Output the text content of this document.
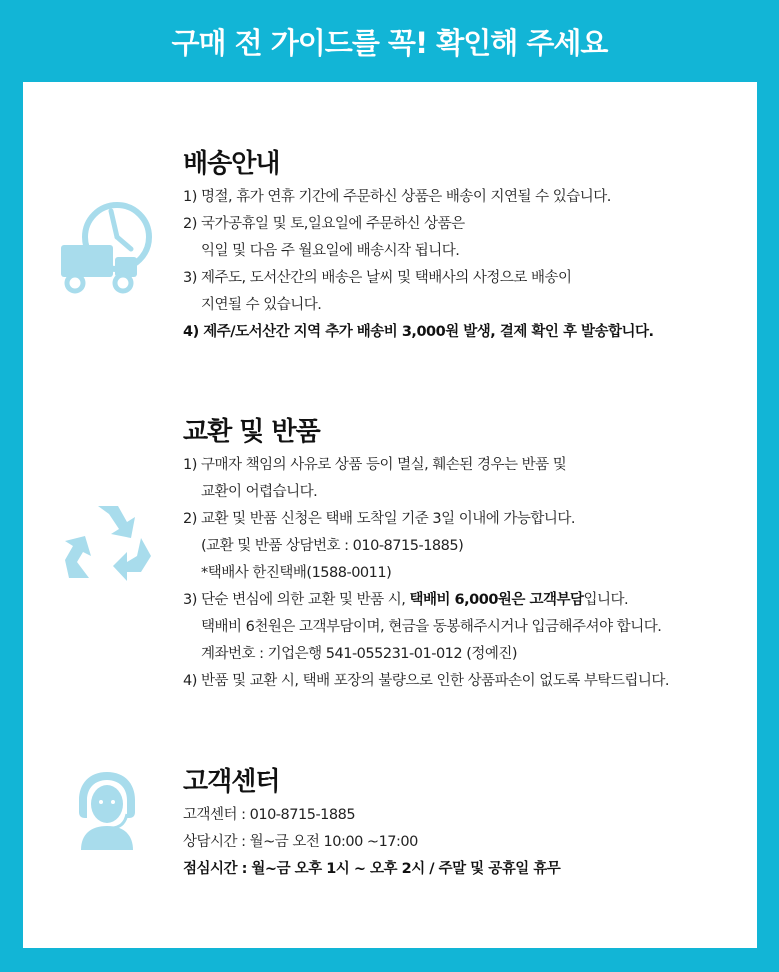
구매 전 가이드를 꼭! 확인해 주세요
배송안내
1) 명절, 휴가 연휴 기간에 주문하신 상품은 배송이 지연될 수 있습니다.
2) 국가공휴일 및 토,일요일에 주문하신 상품은
익일 및 다음 주 월요일에 배송시작 됩니다.
3) 제주도, 도서산간의 배송은 날씨 및 택배사의 사정으로 배송이
지연될 수 있습니다.
4) 제주/도서산간 지역 추가 배송비 3,000원 발생, 결제 확인 후 발송합니다.
교환 및 반품
1) 구매자 책임의 사유로 상품 등이 멸실, 훼손된 경우는 반품 및
교환이 어렵습니다.
2) 교환 및 반품 신청은 택배 도착일 기준 3일 이내에 가능합니다.
(교환 및 반품 상담번호 : 010-8715-1885)
*택배사 한진택배(1588-0011)
3) 단순 변심에 의한 교환 및 반품 시, 택배비 6,000원은 고객부담입니다.
택배비 6천원은 고객부담이며, 현금을 동봉해주시거나 입금해주셔야 합니다.
계좌번호 : 기업은행 541-055231-01-012 (정예진)
4) 반품 및 교환 시, 택배 포장의 불량으로 인한 상품파손이 없도록 부탁드립니다.
고객센터
고객센터 : 010-8715-1885
상담시간 : 월~금 오전 10:00 ~17:00
점심시간 : 월~금 오후 1시 ~ 오후 2시 / 주말 및 공휴일 휴무
